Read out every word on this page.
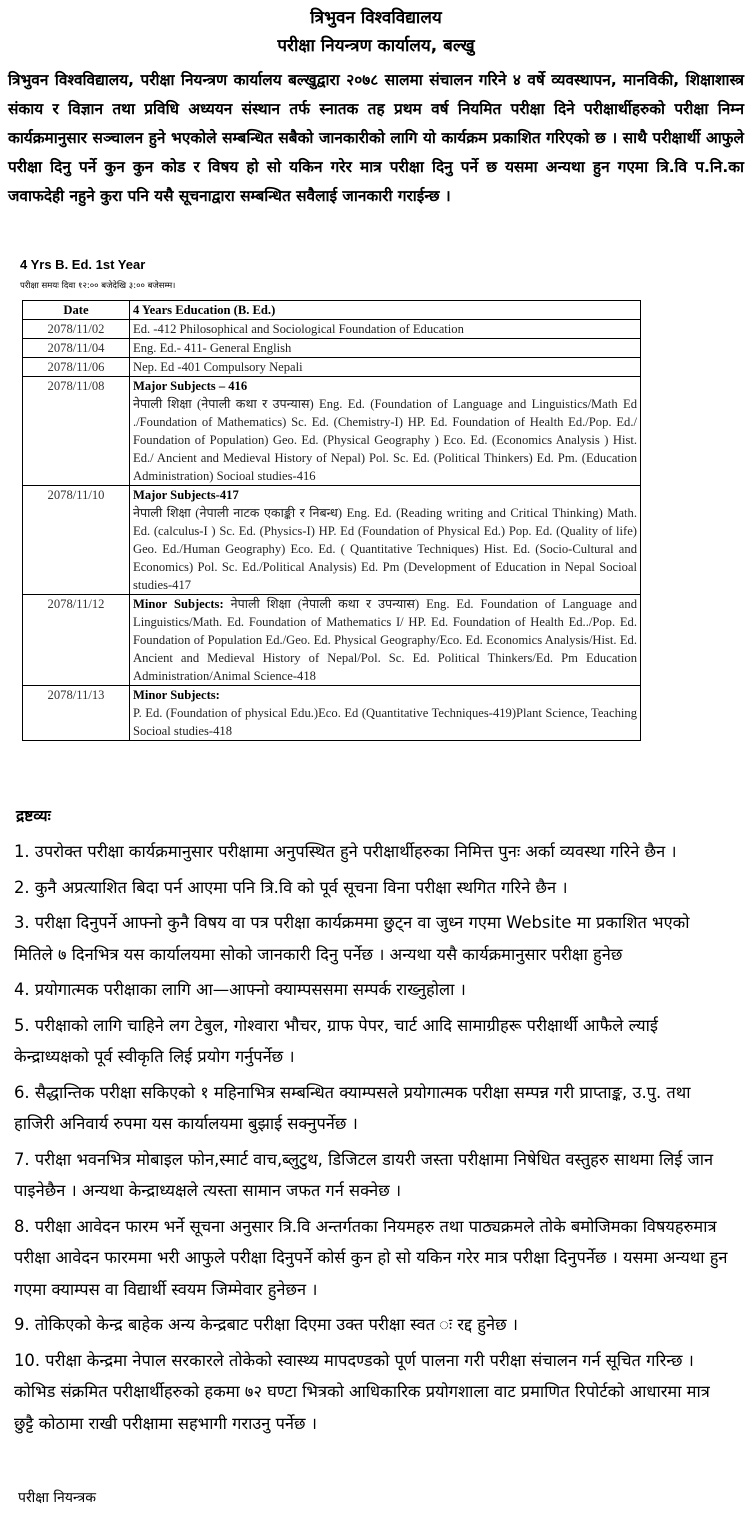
त्रिभुवन विश्वविद्यालय
परीक्षा नियन्त्रण कार्यालय, बल्खु
त्रिभुवन विश्वविद्यालय, परीक्षा नियन्त्रण कार्यालय बल्खुद्वारा २०७८ सालमा संचालन गरिने ४ वर्षे व्यवस्थापन, मानविकी, शिक्षाशास्त्र संकाय र विज्ञान तथा प्रविधि अध्ययन संस्थान तर्फ स्नातक तह प्रथम वर्ष नियमित परीक्षा दिने परीक्षार्थीहरुको परीक्षा निम्न कार्यक्रमानुसार सञ्चालन हुने भएकोले सम्बन्धित सबैको जानकारीको लागि यो कार्यक्रम प्रकाशित गरिएको छ । साथै परीक्षार्थी आफुले परीक्षा दिनु पर्ने कुन कुन कोड र विषय हो सो यकिन गरेर मात्र परीक्षा दिनु पर्ने छ यसमा अन्यथा हुन गएमा त्रि.वि प.नि.का जवाफदेही नहुने कुरा पनि यसै सूचनाद्वारा सम्बन्धित सवैलाई जानकारी गराईन्छ ।
4 Yrs B. Ed. 1st Year
परीक्षा समयः दिवा १२:०० बजेदेखि ३:०० बजेसम्म।
Date	4 Years Education (B. Ed.)
2078/11/02	Ed. -412 Philosophical and Sociological Foundation of Education
2078/11/04	Eng. Ed.- 411- General English
2078/11/06	Nep. Ed -401 Compulsory Nepali
2078/11/08	Major Subjects – 416
नेपाली शिक्षा (नेपाली कथा र उपन्यास) Eng. Ed. (Foundation of Language and Linguistics/Math Ed ./Foundation of Mathematics) Sc. Ed. (Chemistry-I) HP. Ed. Foundation of Health Ed./Pop. Ed./ Foundation of Population) Geo. Ed. (Physical Geography ) Eco. Ed. (Economics Analysis ) Hist. Ed./ Ancient and Medieval History of Nepal) Pol. Sc. Ed. (Political Thinkers) Ed. Pm. (Education Administration) Socioal studies-416

2078/11/10	Major Subjects-417
नेपाली शिक्षा (नेपाली नाटक एकाङ्की र निबन्ध) Eng. Ed. (Reading writing and Critical Thinking) Math. Ed. (calculus-I ) Sc. Ed. (Physics-I) HP. Ed (Foundation of Physical Ed.) Pop. Ed. (Quality of life) Geo. Ed./Human Geography) Eco. Ed. ( Quantitative Techniques) Hist. Ed. (Socio-Cultural and Economics) Pol. Sc. Ed./Political Analysis) Ed. Pm (Development of Education in Nepal Socioal studies-417

2078/11/12	Minor Subjects: नेपाली शिक्षा (नेपाली कथा र उपन्यास) Eng. Ed. Foundation of Language and Linguistics/Math. Ed. Foundation of Mathematics I/ HP. Ed. Foundation of Health Ed../Pop. Ed. Foundation of Population Ed./Geo. Ed. Physical Geography/Eco. Ed. Economics Analysis/Hist. Ed. Ancient and Medieval History of Nepal/Pol. Sc. Ed. Political Thinkers/Ed. Pm Education Administration/Animal Science-418
2078/11/13	Minor Subjects:
P. Ed. (Foundation of physical Edu.)Eco. Ed (Quantitative Techniques-419)Plant Science, Teaching Socioal studies-418
द्रष्टव्यः

1. उपरोक्त परीक्षा कार्यक्रमानुसार परीक्षामा अनुपस्थित हुने परीक्षार्थीहरुका निमित्त पुनः अर्का व्यवस्था गरिने छैन ।

2. कुनै अप्रत्याशित बिदा पर्न आएमा पनि त्रि.वि को पूर्व सूचना विना परीक्षा स्थगित गरिने छैन ।

3. परीक्षा दिनुपर्ने आफ्नो कुनै विषय वा पत्र परीक्षा कार्यक्रममा छुट्न वा जुध्न गएमा Website मा प्रकाशित भएको मितिले ७ दिनभित्र यस कार्यालयमा सोको जानकारी दिनु पर्नेछ । अन्यथा यसै कार्यक्रमानुसार परीक्षा हुनेछ

4. प्रयोगात्मक परीक्षाका लागि आ—आफ्नो क्याम्पससमा सम्पर्क राख्नुहोला ।

5. परीक्षाको लागि चाहिने लग टेबुल, गोश्वारा भौचर, ग्राफ पेपर, चार्ट आदि सामाग्रीहरू परीक्षार्थी आफैले ल्याई केन्द्राध्यक्षको पूर्व स्वीकृति लिई प्रयोग गर्नुपर्नेछ ।

6. सैद्धान्तिक परीक्षा सकिएको १ महिनाभित्र सम्बन्धित क्याम्पसले प्रयोगात्मक परीक्षा सम्पन्न गरी प्राप्ताङ्क, उ.पु. तथा हाजिरी अनिवार्य रुपमा यस कार्यालयमा बुझाई सक्नुपर्नेछ ।

7. परीक्षा भवनभित्र मोबाइल फोन,स्मार्ट वाच,ब्लुटुथ, डिजिटल डायरी जस्ता परीक्षामा निषेधित वस्तुहरु साथमा लिई जान पाइनेछैन । अन्यथा केन्द्राध्यक्षले त्यस्ता सामान जफत गर्न सक्नेछ ।

8. परीक्षा आवेदन फारम भर्ने सूचना अनुसार त्रि.वि अन्तर्गतका नियमहरु तथा पाठ्यक्रमले तोके बमोजिमका विषयहरुमात्र परीक्षा आवेदन फारममा भरी आफुले परीक्षा दिनुपर्ने कोर्स कुन हो सो यकिन गरेर मात्र परीक्षा दिनुपर्नेछ । यसमा अन्यथा हुन गएमा क्याम्पस वा विद्यार्थी स्वयम जिम्मेवार हुनेछन ।

9. तोकिएको केन्द्र बाहेक अन्य केन्द्रबाट परीक्षा दिएमा उक्त परीक्षा स्वत ः रद्द हुनेछ ।

10. परीक्षा केन्द्रमा नेपाल सरकारले तोकेको स्वास्थ्य मापदण्डको पूर्ण पालना गरी परीक्षा संचालन गर्न सूचित गरिन्छ । कोभिड संक्रमित परीक्षार्थीहरुको हकमा ७२ घण्टा भित्रको आधिकारिक प्रयोगशाला वाट प्रमाणित रिपोर्टको आधारमा मात्र छुट्टै कोठामा राखी परीक्षामा सहभागी गराउनु पर्नेछ ।

परीक्षा नियन्त्रक
